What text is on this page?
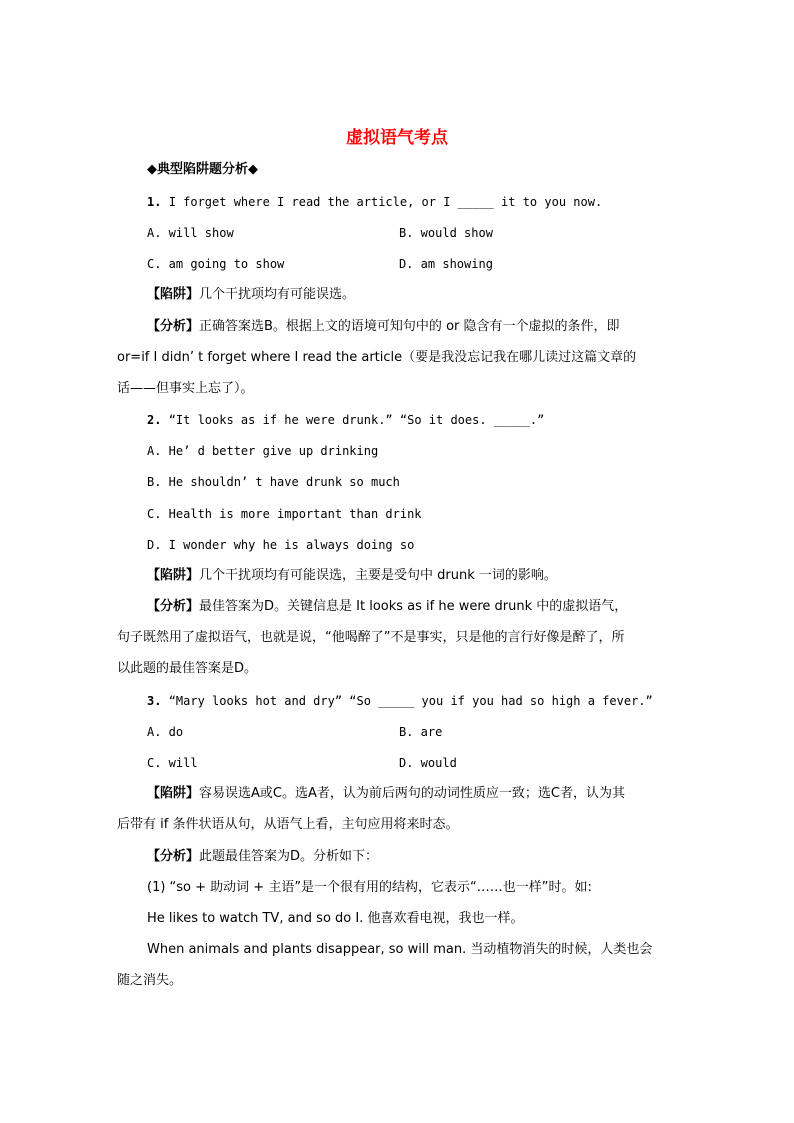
虚拟语气考点
◆典型陷阱题分析◆
1. I forget where I read the article, or I _____ it to you now.
A. will show	B. would show
C. am going to show	D. am showing
【陷阱】几个干扰项均有可能误选。
【分析】正确答案选B。根据上文的语境可知句中的 or 隐含有一个虚拟的条件，即
or=if I didn’ t forget where I read the article（要是我没忘记我在哪儿读过这篇文章的
话——但事实上忘了）。
2. “It looks as if he were drunk.” “So it does. _____.”
A. He’ d better give up drinking
B. He shouldn’ t have drunk so much
C. Health is more important than drink
D. I wonder why he is always doing so
【陷阱】几个干扰项均有可能误选，主要是受句中 drunk 一词的影响。
【分析】最佳答案为D。关键信息是 It looks as if he were drunk 中的虚拟语气，
句子既然用了虚拟语气，也就是说，“他喝醉了”不是事实，只是他的言行好像是醉了，所
以此题的最佳答案是D。
3. “Mary looks hot and dry” “So _____ you if you had so high a fever.”
A. do	B. are
C. will	D. would
【陷阱】容易误选A或C。选A者，认为前后两句的动词性质应一致；选C者，认为其
后带有 if 条件状语从句，从语气上看，主句应用将来时态。
【分析】此题最佳答案为D。分析如下：
(1) “so + 助动词 + 主语”是一个很有用的结构，它表示“……也一样”时。如:
He likes to watch TV, and so do I. 他喜欢看电视，我也一样。
When animals and plants disappear, so will man. 当动植物消失的时候，人类也会
随之消失。
